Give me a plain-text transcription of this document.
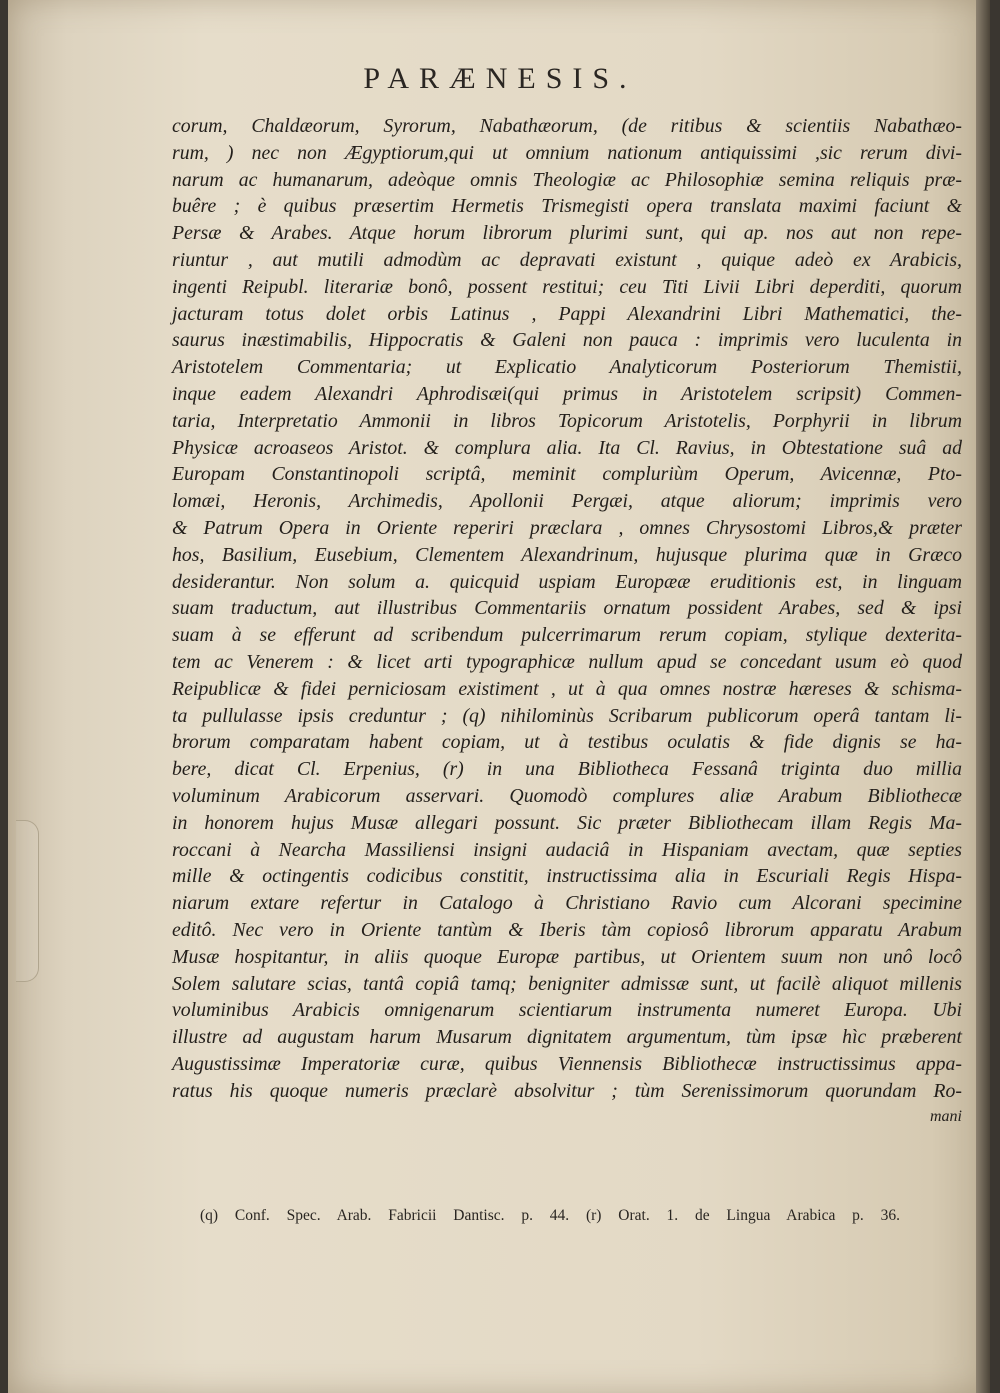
PARÆNESIS.
corum, Chaldæorum, Syrorum, Nabathæorum, (de ritibus & scientiis Nabathæo-
rum, ) nec non Ægyptiorum,qui ut omnium nationum antiquissimi ,sic rerum divi-
narum ac humanarum, adeòque omnis Theologiæ ac Philosophiæ semina reliquis præ-
buêre ; è quibus præsertim Hermetis Trismegisti opera translata maximi faciunt &
Persæ & Arabes. Atque horum librorum plurimi sunt, qui ap. nos aut non repe-
riuntur , aut mutili admodùm ac depravati existunt , quique adeò ex Arabicis,
ingenti Reipubl. literariæ bonô, possent restitui; ceu Titi Livii Libri deperditi, quorum
jacturam totus dolet orbis Latinus , Pappi Alexandrini Libri Mathematici, the-
saurus inæstimabilis, Hippocratis & Galeni non pauca : imprimis vero luculenta in
Aristotelem Commentaria; ut Explicatio Analyticorum Posteriorum Themistii,
inque eadem Alexandri Aphrodisæi(qui primus in Aristotelem scripsit) Commen-
taria, Interpretatio Ammonii in libros Topicorum Aristotelis, Porphyrii in librum
Physicæ acroaseos Aristot. & complura alia. Ita Cl. Ravius, in Obtestatione suâ ad
Europam Constantinopoli scriptâ, meminit compluriùm Operum, Avicennæ, Pto-
lomæi, Heronis, Archimedis, Apollonii Pergæi, atque aliorum; imprimis vero
& Patrum Opera in Oriente reperiri præclara , omnes Chrysostomi Libros,& præter
hos, Basilium, Eusebium, Clementem Alexandrinum, hujusque plurima quæ in Græco
desiderantur. Non solum a. quicquid uspiam Europææ eruditionis est, in linguam
suam traductum, aut illustribus Commentariis ornatum possident Arabes, sed & ipsi
suam à se efferunt ad scribendum pulcerrimarum rerum copiam, stylique dexterita-
tem ac Venerem : & licet arti typographicæ nullum apud se concedant usum eò quod
Reipublicæ & fidei perniciosam existiment , ut à qua omnes nostræ hæreses & schisma-
ta pullulasse ipsis creduntur ; (q) nihilominùs Scribarum publicorum operâ tantam li-
brorum comparatam habent copiam, ut à testibus oculatis & fide dignis se ha-
bere, dicat Cl. Erpenius, (r) in una Bibliotheca Fessanâ triginta duo millia
voluminum Arabicorum asservari. Quomodò complures aliæ Arabum Bibliothecæ
in honorem hujus Musæ allegari possunt. Sic præter Bibliothecam illam Regis Ma-
roccani à Nearcha Massiliensi insigni audaciâ in Hispaniam avectam, quæ septies
mille & octingentis codicibus constitit, instructissima alia in Escuriali Regis Hispa-
niarum extare refertur in Catalogo à Christiano Ravio cum Alcorani specimine
editô. Nec vero in Oriente tantùm & Iberis tàm copiosô librorum apparatu Arabum
Musæ hospitantur, in aliis quoque Europæ partibus, ut Orientem suum non unô locô
Solem salutare scias, tantâ copiâ tamq; benigniter admissæ sunt, ut facilè aliquot millenis
voluminibus Arabicis omnigenarum scientiarum instrumenta numeret Europa. Ubi
illustre ad augustam harum Musarum dignitatem argumentum, tùm ipsæ hìc præberent
Augustissimæ Imperatoriæ curæ, quibus Viennensis Bibliothecæ instructissimus appa-
ratus his quoque numeris præclarè absolvitur ; tùm Serenissimorum quorundam Ro-
mani
(q) Conf. Spec. Arab. Fabricii Dantisc. p. 44. (r) Orat. 1. de Lingua Arabica p. 36.
